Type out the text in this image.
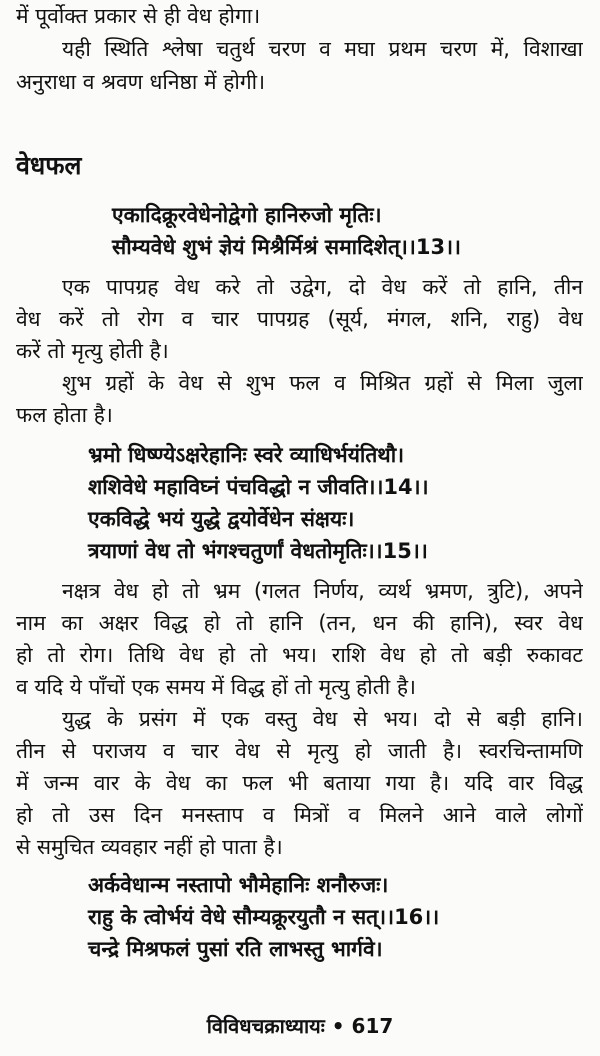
में पूर्वोक्त प्रकार से ही वेध होगा।
यही स्थिति श्लेषा चतुर्थ चरण व मघा प्रथम चरण में, विशाखा
अनुराधा व श्रवण धनिष्ठा में होगी।
वेधफल
एकादिक्रूरवेधेनोद्वेगो हानिरुजो मृतिः।
सौम्यवेधे शुभं ज्ञेयं मिश्रैर्मिश्रं समादिशेत्।।13।।
एक पापग्रह वेध करे तो उद्वेग, दो वेध करें तो हानि, तीन
वेध करें तो रोग व चार पापग्रह (सूर्य, मंगल, शनि, राहु) वेध
करें तो मृत्यु होती है।
शुभ ग्रहों के वेध से शुभ फल व मिश्रित ग्रहों से मिला जुला
फल होता है।
भ्रमो धिष्ण्येऽक्षरेहानिः स्वरे व्याधिर्भयंतिथौ।
शशिवेधे महाविघ्नं पंचविद्धो न जीवति।।14।।
एकविद्धे भयं युद्धे द्वयोर्वेधेन संक्षयः।
त्रयाणां वेध तो भंगश्चतुर्णां वेधतोमृतिः।।15।।
नक्षत्र वेध हो तो भ्रम (गलत निर्णय, व्यर्थ भ्रमण, त्रुटि), अपने
नाम का अक्षर विद्ध हो तो हानि (तन, धन की हानि), स्वर वेध
हो तो रोग। तिथि वेध हो तो भय। राशि वेध हो तो बड़ी रुकावट
व यदि ये पाँचों एक समय में विद्ध हों तो मृत्यु होती है।
युद्ध के प्रसंग में एक वस्तु वेध से भय। दो से बड़ी हानि।
तीन से पराजय व चार वेध से मृत्यु हो जाती है। स्वरचिन्तामणि
में जन्म वार के वेध का फल भी बताया गया है। यदि वार विद्ध
हो तो उस दिन मनस्ताप व मित्रों व मिलने आने वाले लोगों
से समुचित व्यवहार नहीं हो पाता है।
अर्कवेधान्म नस्तापो भौमेहानिः शनौरुजः।
राहु के त्वोर्भयं वेधे सौम्यक्रूरयुतौ न सत्।।16।।
चन्द्रे मिश्रफलं पुसां रति लाभस्तु भार्गवे।
विविधचक्राध्यायः • 617
